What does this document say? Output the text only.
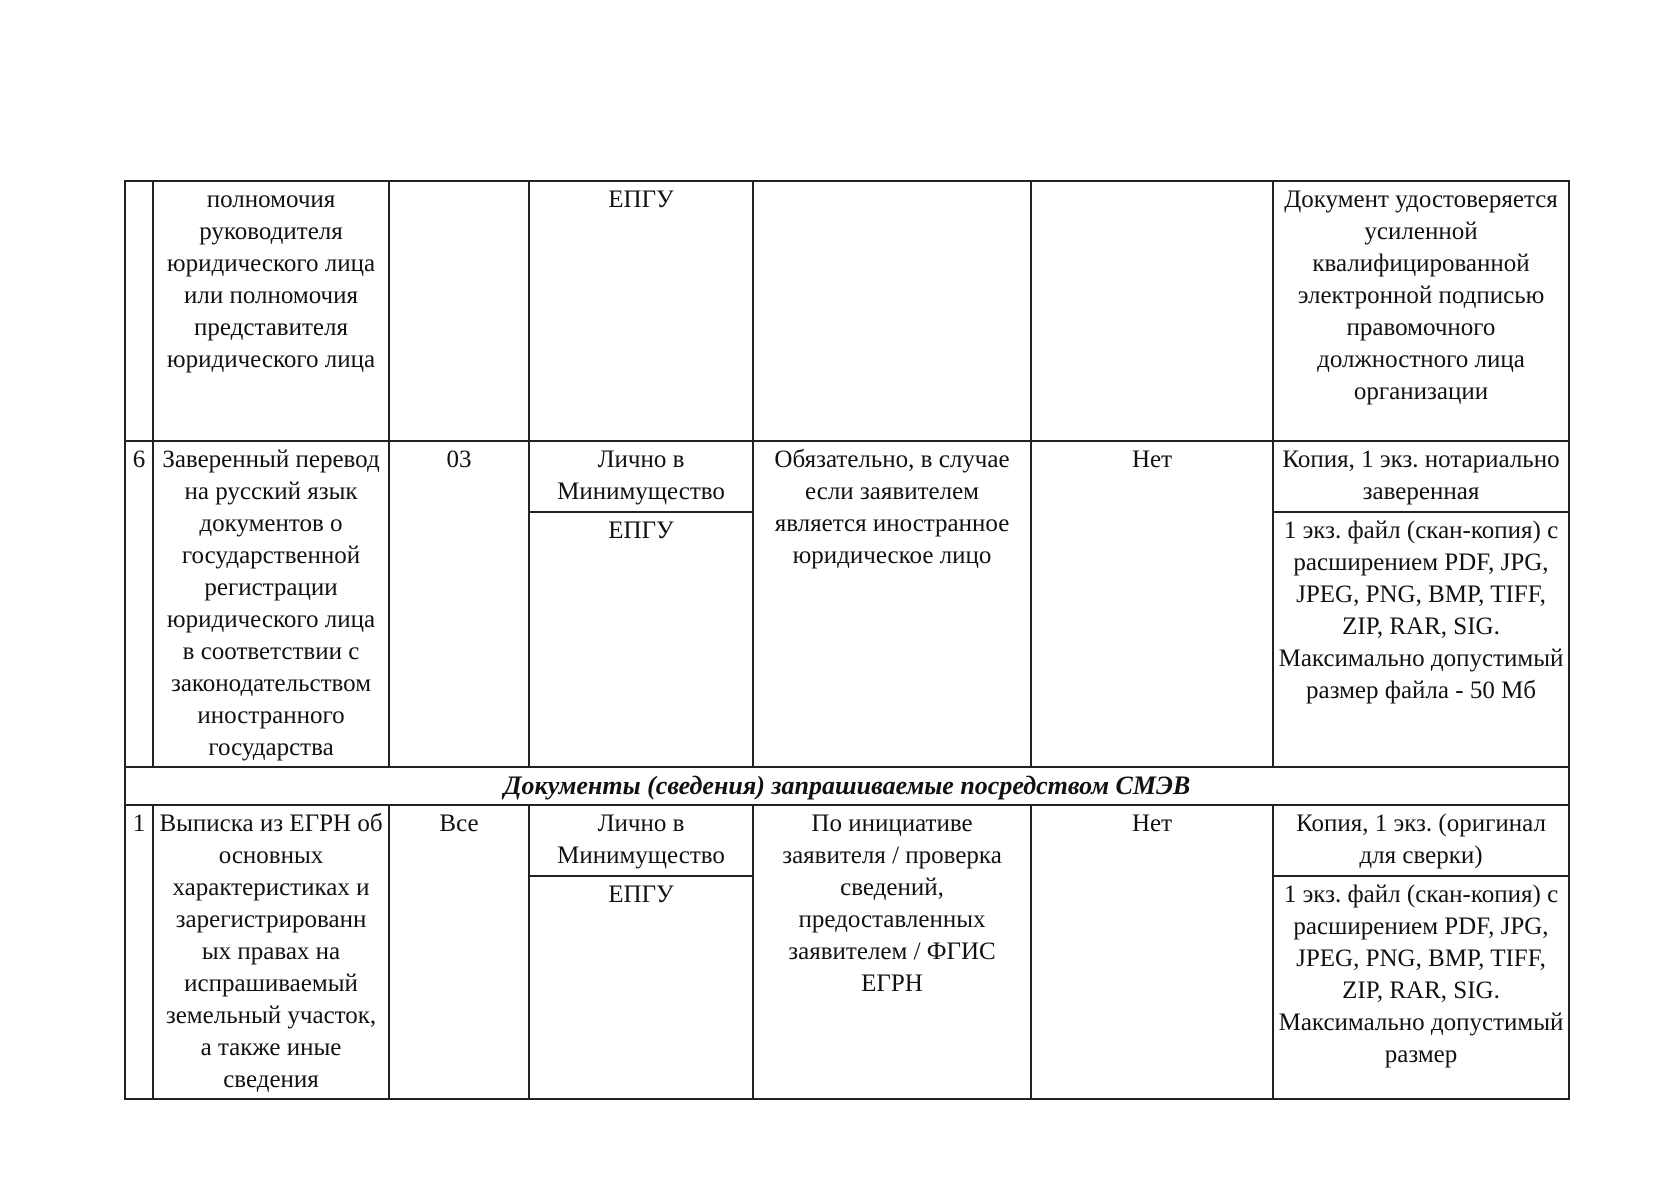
	полномочия руководителя юридического лица или полномочия представителя юридического лица		ЕПГУ			Документ удостоверяется усиленной квалифицированной электронной подписью правомочного должностного лица организации

6	Заверенный перевод на русский язык документов о государственной регистрации юридического лица в соответствии с законодательством иностранного государства	03	Лично в Минимущество	Обязательно, в случае если заявителем является иностранное юридическое лицо	Нет	Копия, 1 экз. нотариально заверенная

			ЕПГУ			1 экз. файл (скан-копия) с расширением PDF, JPG, JPEG, PNG, BMP, TIFF, ZIP, RAR, SIG. Максимально допустимый размер файла - 50 Мб

Документы (сведения) запрашиваемые посредством СМЭВ						
1	Выписка из ЕГРН об основных характеристиках и зарегистрированн ых правах на испрашиваемый земельный участок, а также иные сведения	Все	Лично в Минимущество	По инициативе заявителя / проверка сведений, предоставленных заявителем / ФГИС ЕГРН	Нет	Копия, 1 экз. (оригинал для сверки)

			ЕПГУ			1 экз. файл (скан-копия) с расширением PDF, JPG, JPEG, PNG, BMP, TIFF, ZIP, RAR, SIG. Максимально допустимый размер
